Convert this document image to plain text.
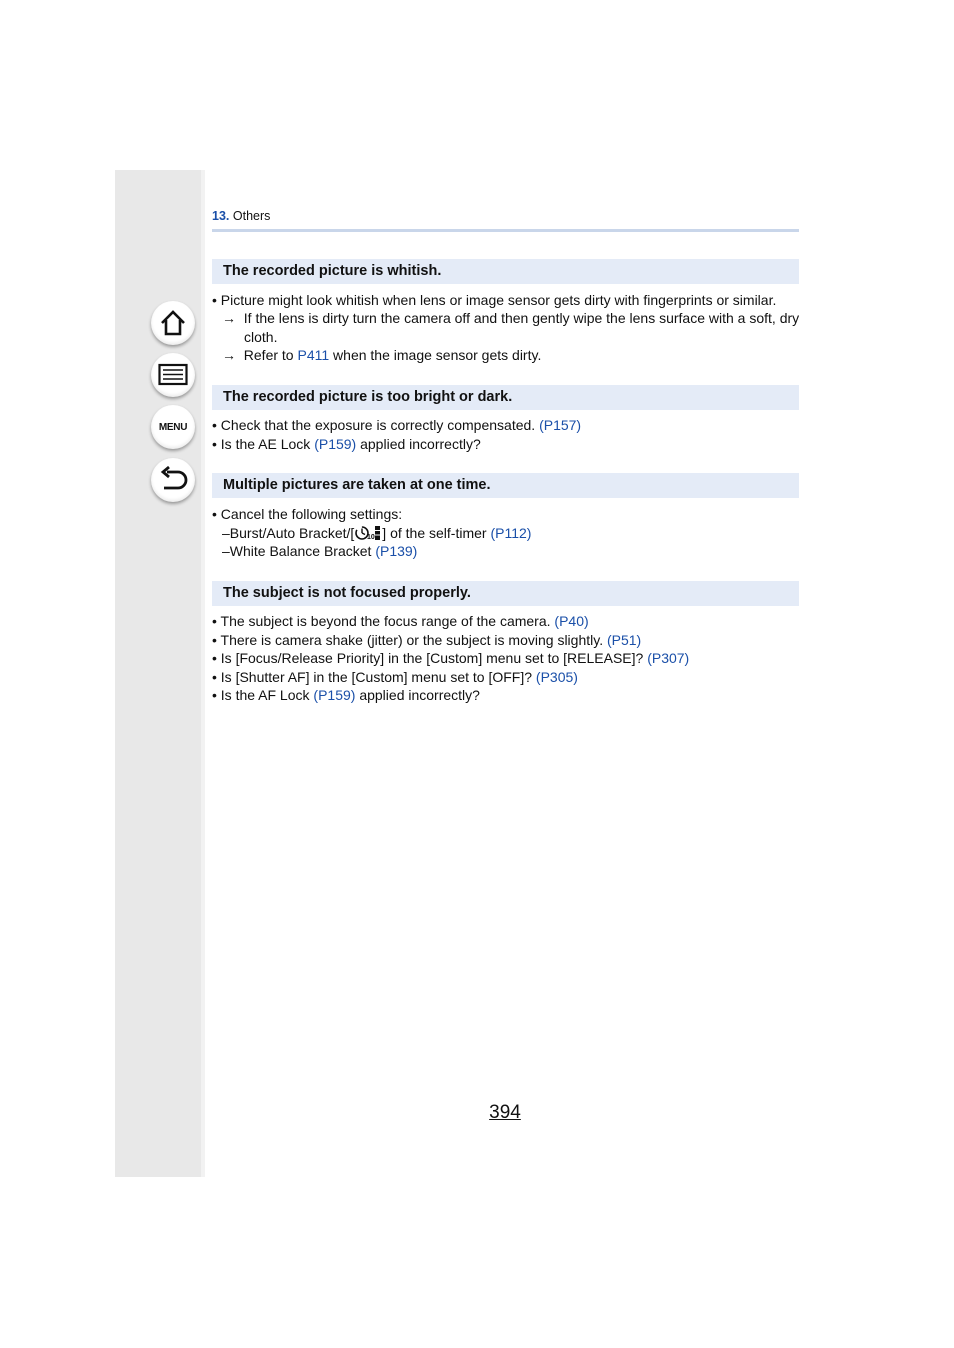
MENU
13. Others
The recorded picture is whitish.
• Picture might look whitish when lens or image sensor gets dirty with fingerprints or similar.
→ If the lens is dirty turn the camera off and then gently wipe the lens surface with a soft, dry
cloth.
→ Refer to P411 when the image sensor gets dirty.
The recorded picture is too bright or dark.
• Check that the exposure is correctly compensated. (P157)
• Is the AE Lock (P159) applied incorrectly?
Multiple pictures are taken at one time.
• Cancel the following settings:
–Burst/Auto Bracket/[ 10 ] of the self-timer (P112)
–White Balance Bracket (P139)
The subject is not focused properly.
• The subject is beyond the focus range of the camera. (P40)
• There is camera shake (jitter) or the subject is moving slightly. (P51)
• Is [Focus/Release Priority] in the [Custom] menu set to [RELEASE]? (P307)
• Is [Shutter AF] in the [Custom] menu set to [OFF]? (P305)
• Is the AF Lock (P159) applied incorrectly?
394
